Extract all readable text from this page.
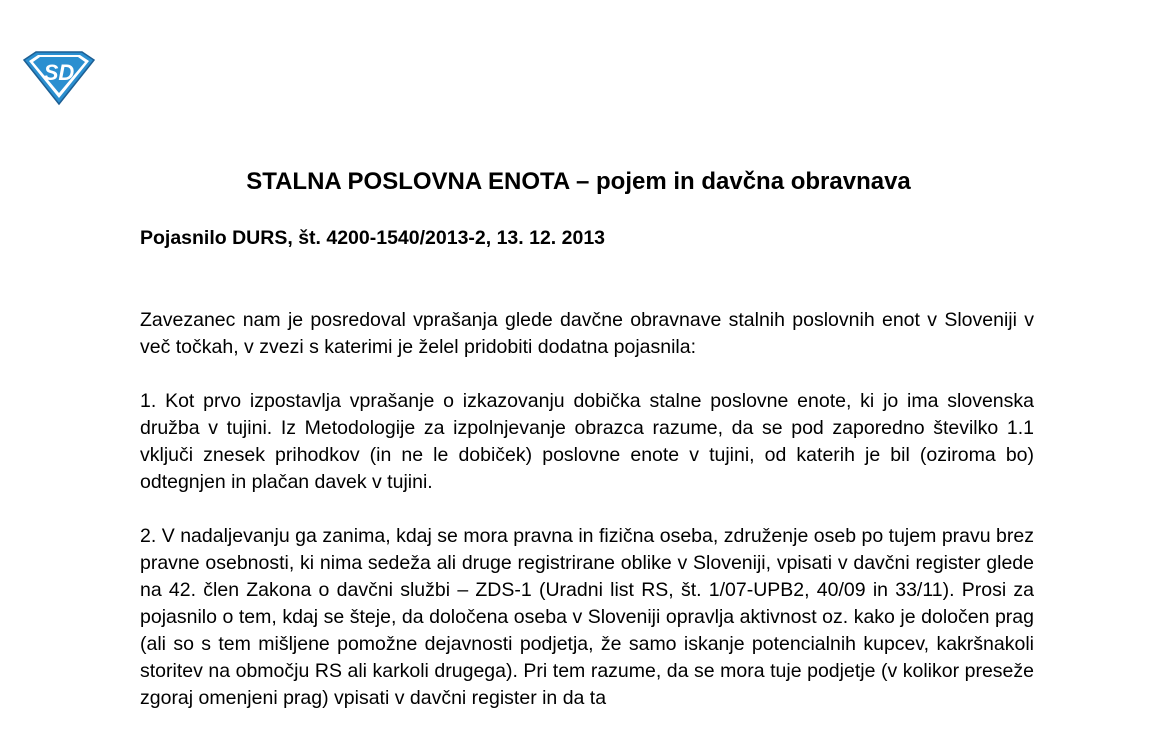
SD
STALNA POSLOVNA ENOTA – pojem in davčna obravnava
Pojasnilo DURS, št. 4200-1540/2013-2, 13. 12. 2013

Zavezanec nam je posredoval vprašanja glede davčne obravnave stalnih poslovnih enot v Sloveniji v več točkah, v zvezi s katerimi je želel pridobiti dodatna pojasnila:

1. Kot prvo izpostavlja vprašanje o izkazovanju dobička stalne poslovne enote, ki jo ima slovenska družba v tujini. Iz Metodologije za izpolnjevanje obrazca razume, da se pod zaporedno številko 1.1 vključi znesek prihodkov (in ne le dobiček) poslovne enote v tujini, od katerih je bil (oziroma bo) odtegnjen in plačan davek v tujini.

2. V nadaljevanju ga zanima, kdaj se mora pravna in fizična oseba, združenje oseb po tujem pravu brez pravne osebnosti, ki nima sedeža ali druge registrirane oblike v Sloveniji, vpisati v davčni register glede na 42. člen Zakona o davčni službi – ZDS-1 (Uradni list RS, št. 1/07-UPB2, 40/09 in 33/11). Prosi za pojasnilo o tem, kdaj se šteje, da določena oseba v Sloveniji opravlja aktivnost oz. kako je določen prag (ali so s tem mišljene pomožne dejavnosti podjetja, že samo iskanje potencialnih kupcev, kakršnakoli storitev na območju RS ali karkoli drugega). Pri tem razume, da se mora tuje podjetje (v kolikor preseže zgoraj omenjeni prag) vpisati v davčni register in da ta
